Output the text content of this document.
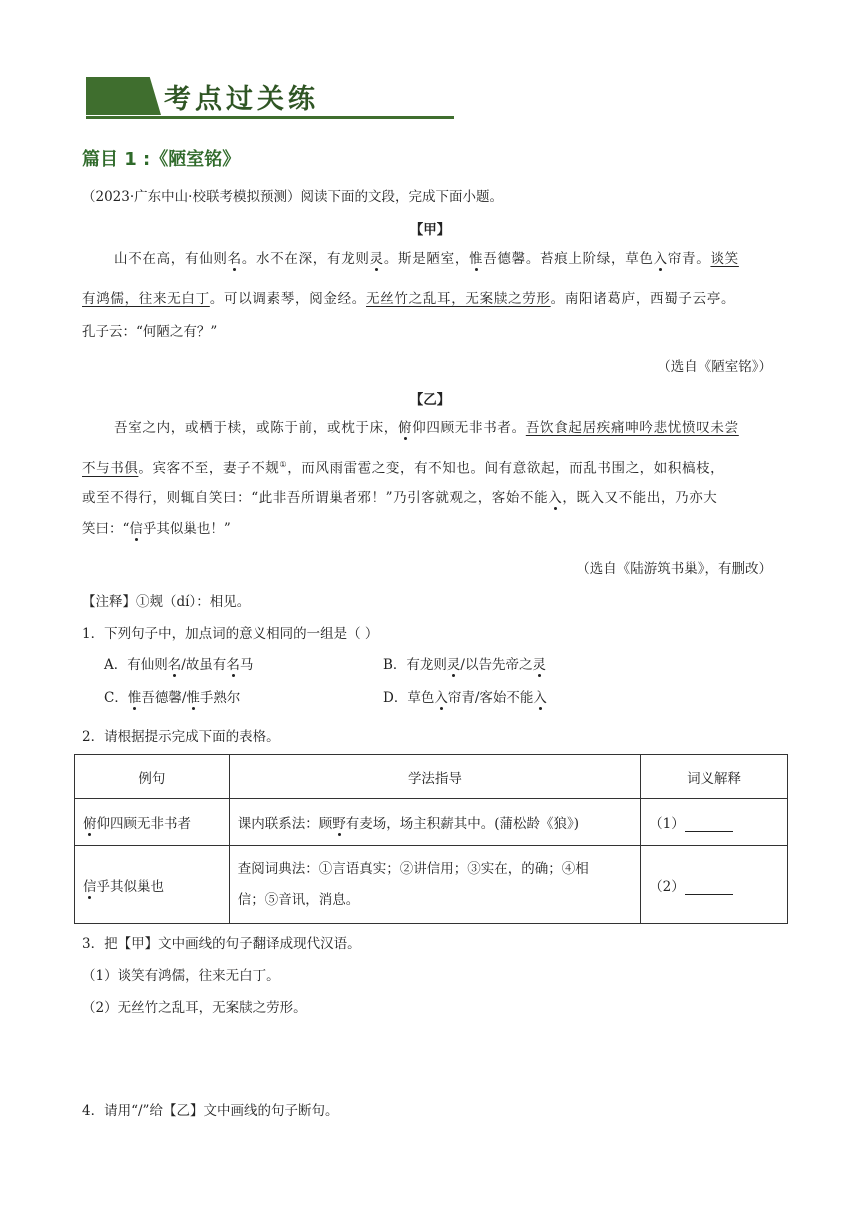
考点过关练
篇目 1 :《陋室铭》
（2023·广东中山·校联考模拟预测）阅读下面的文段，完成下面小题。
【甲】
山不在高，有仙则名。水不在深，有龙则灵。斯是陋室，惟吾德馨。苔痕上阶绿，草色入帘青。谈笑
有鸿儒，往来无白丁。可以调素琴，阅金经。无丝竹之乱耳，无案牍之劳形。南阳诸葛庐，西蜀子云亭。
孔子云：“何陋之有？”
（选自《陋室铭》）
【乙】
吾室之内，或栖于椟，或陈于前，或枕于床，俯仰四顾无非书者。吾饮食起居疾痛呻吟悲忧愤叹未尝
不与书俱。宾客不至，妻子不觌①，而风雨雷雹之变，有不知也。间有意欲起，而乱书围之，如积槁枝，
或至不得行，则辄自笑曰：“此非吾所谓巢者邪！”乃引客就观之，客始不能入，既入又不能出，乃亦大
笑曰：“信乎其似巢也！”
（选自《陆游筑书巢》，有删改）
【注释】①觌（dí）：相见。
1．下列句子中，加点词的意义相同的一组是（ ）
A．有仙则名/故虽有名马	B．有龙则灵/以告先帝之灵
C．惟吾德馨/惟手熟尔	D．草色入帘青/客始不能入
2．请根据提示完成下面的表格。
例句	学法指导	词义解释
俯仰四顾无非书者	课内联系法：顾野有麦场，场主积薪其中。(蒲松龄《狼》)	（1）
信乎其似巢也	查阅词典法：①言语真实；②讲信用；③实在，的确；④相
信；⑤音讯，消息。	（2）
3．把【甲】文中画线的句子翻译成现代汉语。
（1）谈笑有鸿儒，往来无白丁。
（2）无丝竹之乱耳，无案牍之劳形。
4．请用“/”给【乙】文中画线的句子断句。
